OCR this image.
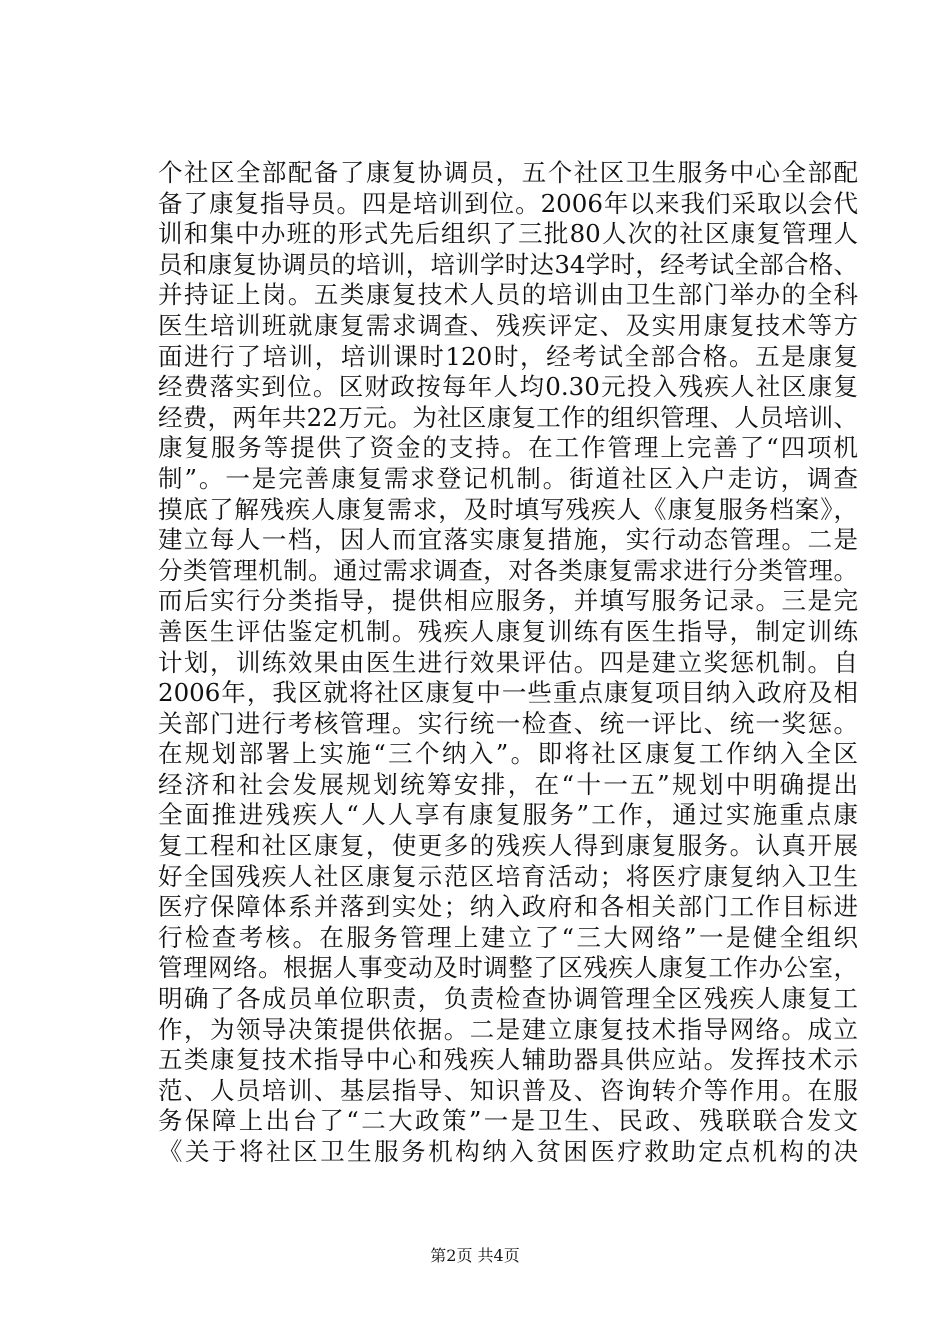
个社区全部配备了康复协调员，五个社区卫生服务中心全部配
备了康复指导员。四是培训到位。2006年以来我们采取以会代
训和集中办班的形式先后组织了三批80人次的社区康复管理人
员和康复协调员的培训，培训学时达34学时，经考试全部合格、
并持证上岗。五类康复技术人员的培训由卫生部门举办的全科
医生培训班就康复需求调查、残疾评定、及实用康复技术等方
面进行了培训，培训课时120时，经考试全部合格。五是康复
经费落实到位。区财政按每年人均0.30元投入残疾人社区康复
经费，两年共22万元。为社区康复工作的组织管理、人员培训、
康复服务等提供了资金的支持。在工作管理上完善了“四项机
制”。一是完善康复需求登记机制。街道社区入户走访，调查
摸底了解残疾人康复需求，及时填写残疾人《康复服务档案》，
建立每人一档，因人而宜落实康复措施，实行动态管理。二是
分类管理机制。通过需求调查，对各类康复需求进行分类管理。
而后实行分类指导，提供相应服务，并填写服务记录。三是完
善医生评估鉴定机制。残疾人康复训练有医生指导，制定训练
计划，训练效果由医生进行效果评估。四是建立奖惩机制。自
2006年，我区就将社区康复中一些重点康复项目纳入政府及相
关部门进行考核管理。实行统一检查、统一评比、统一奖惩。
在规划部署上实施“三个纳入”。即将社区康复工作纳入全区
经济和社会发展规划统筹安排，在“十一五”规划中明确提出
全面推进残疾人“人人享有康复服务”工作，通过实施重点康
复工程和社区康复，使更多的残疾人得到康复服务。认真开展
好全国残疾人社区康复示范区培育活动；将医疗康复纳入卫生
医疗保障体系并落到实处；纳入政府和各相关部门工作目标进
行检查考核。在服务管理上建立了“三大网络”一是健全组织
管理网络。根据人事变动及时调整了区残疾人康复工作办公室，
明确了各成员单位职责，负责检查协调管理全区残疾人康复工
作，为领导决策提供依据。二是建立康复技术指导网络。成立
五类康复技术指导中心和残疾人辅助器具供应站。发挥技术示
范、人员培训、基层指导、知识普及、咨询转介等作用。在服
务保障上出台了“二大政策”一是卫生、民政、残联联合发文
《关于将社区卫生服务机构纳入贫困医疗救助定点机构的决
第2页 共4页
